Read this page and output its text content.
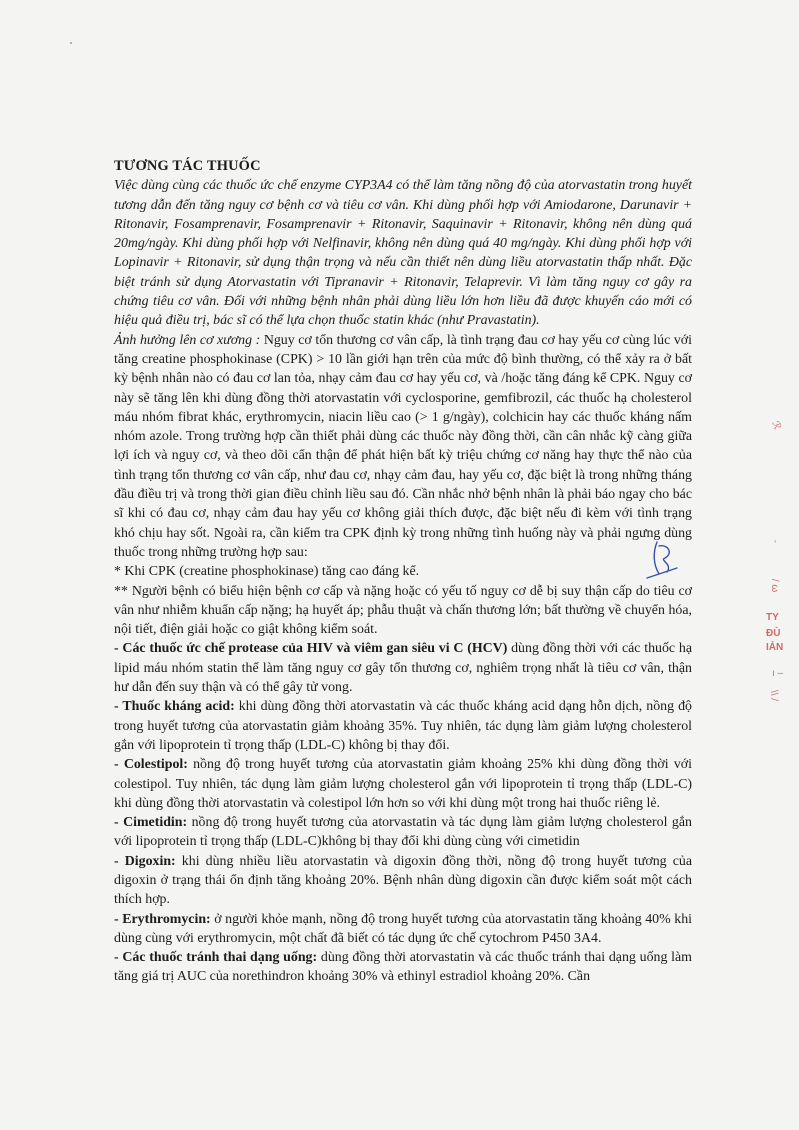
TƯƠNG TÁC THUỐC

Việc dùng cùng các thuốc ức chế enzyme CYP3A4 có thể làm tăng nồng độ của atorvastatin trong huyết tương dẫn đến tăng nguy cơ bệnh cơ và tiêu cơ vân. Khi dùng phối hợp với Amiodarone, Darunavir + Ritonavir, Fosamprenavir, Fosamprenavir + Ritonavir, Saquinavir + Ritonavir, không nên dùng quá 20mg/ngày. Khi dùng phối hợp với Nelfinavir, không nên dùng quá 40 mg/ngày. Khi dùng phối hợp với Lopinavir + Ritonavir, sử dụng thận trọng và nếu cần thiết nên dùng liều atorvastatin thấp nhất. Đặc biệt tránh sử dụng Atorvastatin với Tipranavir + Ritonavir, Telaprevir. Vì làm tăng nguy cơ gây ra chứng tiêu cơ vân. Đối với những bệnh nhân phải dùng liều lớn hơn liều đã được khuyến cáo mới có hiệu quả điều trị, bác sĩ có thể lựa chọn thuốc statin khác (như Pravastatin).

Ảnh hưởng lên cơ xương : Nguy cơ tổn thương cơ vân cấp, là tình trạng đau cơ hay yếu cơ cùng lúc với tăng creatine phosphokinase (CPK) > 10 lần giới hạn trên của mức độ bình thường, có thể xảy ra ở bất kỳ bệnh nhân nào có đau cơ lan tỏa, nhạy cảm đau cơ hay yếu cơ, và /hoặc tăng đáng kể CPK. Nguy cơ này sẽ tăng lên khi dùng đồng thời atorvastatin với cyclosporine, gemfibrozil, các thuốc hạ cholesterol máu nhóm fibrat khác, erythromycin, niacin liều cao (> 1 g/ngày), colchicin hay các thuốc kháng nấm nhóm azole. Trong trường hợp cần thiết phải dùng các thuốc này đồng thời, cần cân nhắc kỹ càng giữa lợi ích và nguy cơ, và theo dõi cẩn thận để phát hiện bất kỳ triệu chứng cơ năng hay thực thể nào của tình trạng tổn thương cơ vân cấp, như đau cơ, nhạy cảm đau, hay yếu cơ, đặc biệt là trong những tháng đầu điều trị và trong thời gian điều chỉnh liều sau đó. Cần nhắc nhở bệnh nhân là phải báo ngay cho bác sĩ khi có đau cơ, nhạy cảm đau hay yếu cơ không giải thích được, đặc biệt nếu đi kèm với tình trạng khó chịu hay sốt. Ngoài ra, cần kiểm tra CPK định kỳ trong những tình huống này và phải ngưng dùng thuốc trong những trường hợp sau:

* Khi CPK (creatine phosphokinase) tăng cao đáng kể.

** Người bệnh có biểu hiện bệnh cơ cấp và nặng hoặc có yếu tố nguy cơ dễ bị suy thận cấp do tiêu cơ vân như nhiễm khuẩn cấp nặng; hạ huyết áp; phẫu thuật và chấn thương lớn; bất thường về chuyển hóa, nội tiết, điện giải hoặc co giật không kiểm soát.

- Các thuốc ức chế protease của HIV và viêm gan siêu vi C (HCV) dùng đồng thời với các thuốc hạ lipid máu nhóm statin thể làm tăng nguy cơ gây tổn thương cơ, nghiêm trọng nhất là tiêu cơ vân, thận hư dẫn đến suy thận và có thể gây tử vong.

- Thuốc kháng acid: khi dùng đồng thời atorvastatin và các thuốc kháng acid dạng hỗn dịch, nồng độ trong huyết tương của atorvastatin giảm khoảng 35%. Tuy nhiên, tác dụng làm giảm lượng cholesterol gắn với lipoprotein tỉ trọng thấp (LDL-C) không bị thay đổi.

- Colestipol: nồng độ trong huyết tương của atorvastatin giảm khoảng 25% khi dùng đồng thời với colestipol. Tuy nhiên, tác dụng làm giảm lượng cholesterol gắn với lipoprotein tỉ trọng thấp (LDL-C) khi dùng đồng thời atorvastatin và colestipol lớn hơn so với khi dùng một trong hai thuốc riêng lẻ.

- Cimetidin: nồng độ trong huyết tương của atorvastatin và tác dụng làm giảm lượng cholesterol gắn với lipoprotein tỉ trọng thấp (LDL-C)không bị thay đổi khi dùng cùng với cimetidin

- Digoxin: khi dùng nhiều liều atorvastatin và digoxin đồng thời, nồng độ trong huyết tương của digoxin ở trạng thái ổn định tăng khoảng 20%. Bệnh nhân dùng digoxin cần được kiểm soát một cách thích hợp.

- Erythromycin: ở người khỏe mạnh, nồng độ trong huyết tương của atorvastatin tăng khoảng 40% khi dùng cùng với erythromycin, một chất đã biết có tác dụng ức chế cytochrom P450 3A4.

- Các thuốc tránh thai dạng uống: dùng đồng thời atorvastatin và các thuốc tránh thai dạng uống làm tăng giá trị AUC của norethindron khoảng 30% và ethinyl estradiol khoảng 20%. Cần

ℛ
ʼ
/ ω
TY
ĐÙ
IẢN
ı –
\\ /
